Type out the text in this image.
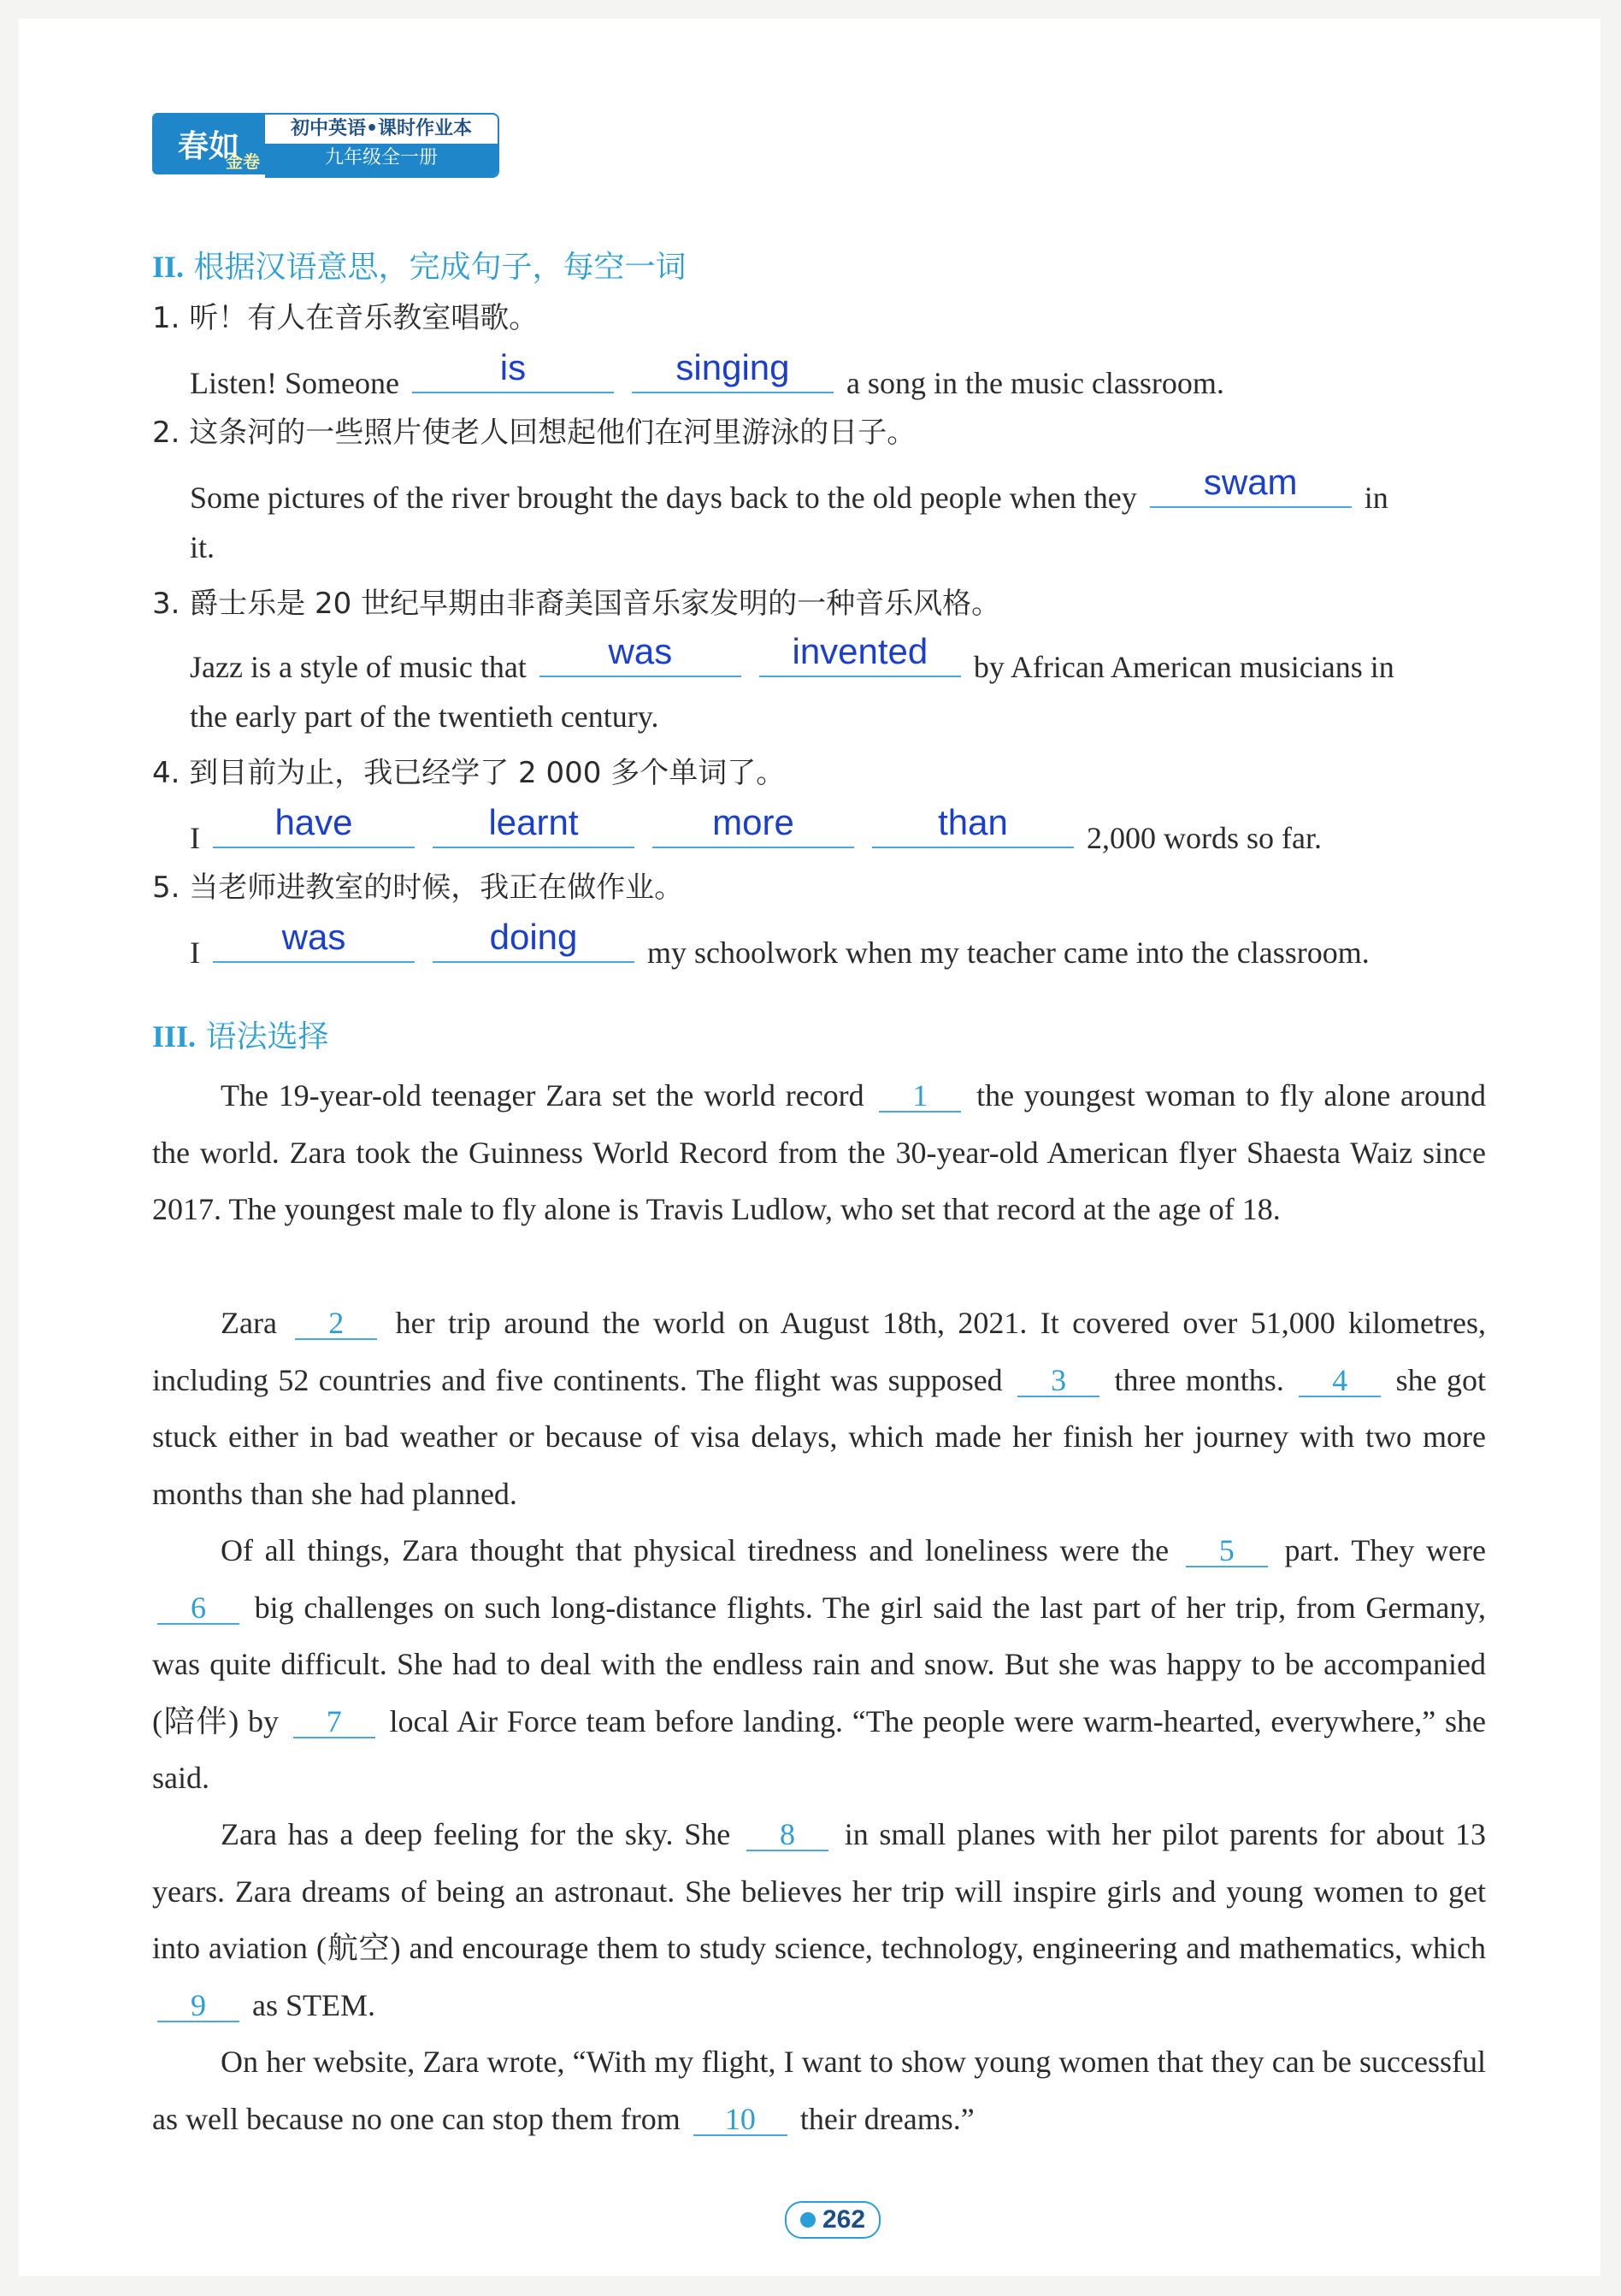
春如
金卷
初中英语•课时作业本
九年级全一册
II. 根据汉语意思，完成句子，每空一词
1. 听！有人在音乐教室唱歌。
Listen! Someone	is
	singing	a song in the music classroom.
2. 这条河的一些照片使老人回想起他们在河里游泳的日子。
Some pictures of the river brought the days back to the old people when they	swam	in
it.
3. 爵士乐是 20 世纪早期由非裔美国音乐家发明的一种音乐风格。
Jazz is a style of music that	was
	invented	by African American musicians in
the early part of the twentieth century.
4. 到目前为止，我已经学了 2 000 多个单词了。
I	have
	learnt
	more
	than	2,000 words so far.
5. 当老师进教室的时候，我正在做作业。
I	was
	doing	my schoolwork when my teacher came into the classroom.
III. 语法选择
The 19-year-old teenager Zara set the world record 1 the youngest woman to fly alone around the world. Zara took the Guinness World Record from the 30-year-old American flyer Shaesta Waiz since 2017. The youngest male to fly alone is Travis Ludlow, who set that record at the age of 18.
Zara 2 her trip around the world on August 18th, 2021. It covered over 51,000 kilometres, including 52 countries and five continents. The flight was supposed 3 three months. 4 she got stuck either in bad weather or because of visa delays, which made her finish her journey with two more months than she had planned.
Of all things, Zara thought that physical tiredness and loneliness were the 5 part. They were 6 big challenges on such long-distance flights. The girl said the last part of her trip, from Germany, was quite difficult. She had to deal with the endless rain and snow. But she was happy to be accompanied (陪伴) by 7 local Air Force team before landing. “The people were warm-hearted, everywhere,” she said.
Zara has a deep feeling for the sky. She 8 in small planes with her pilot parents for about 13 years. Zara dreams of being an astronaut. She believes her trip will inspire girls and young women to get into aviation (航空) and encourage them to study science, technology, engineering and mathematics, which 9 as STEM.
On her website, Zara wrote, “With my flight, I want to show young women that they can be successful as well because no one can stop them from 10 their dreams.”
262
